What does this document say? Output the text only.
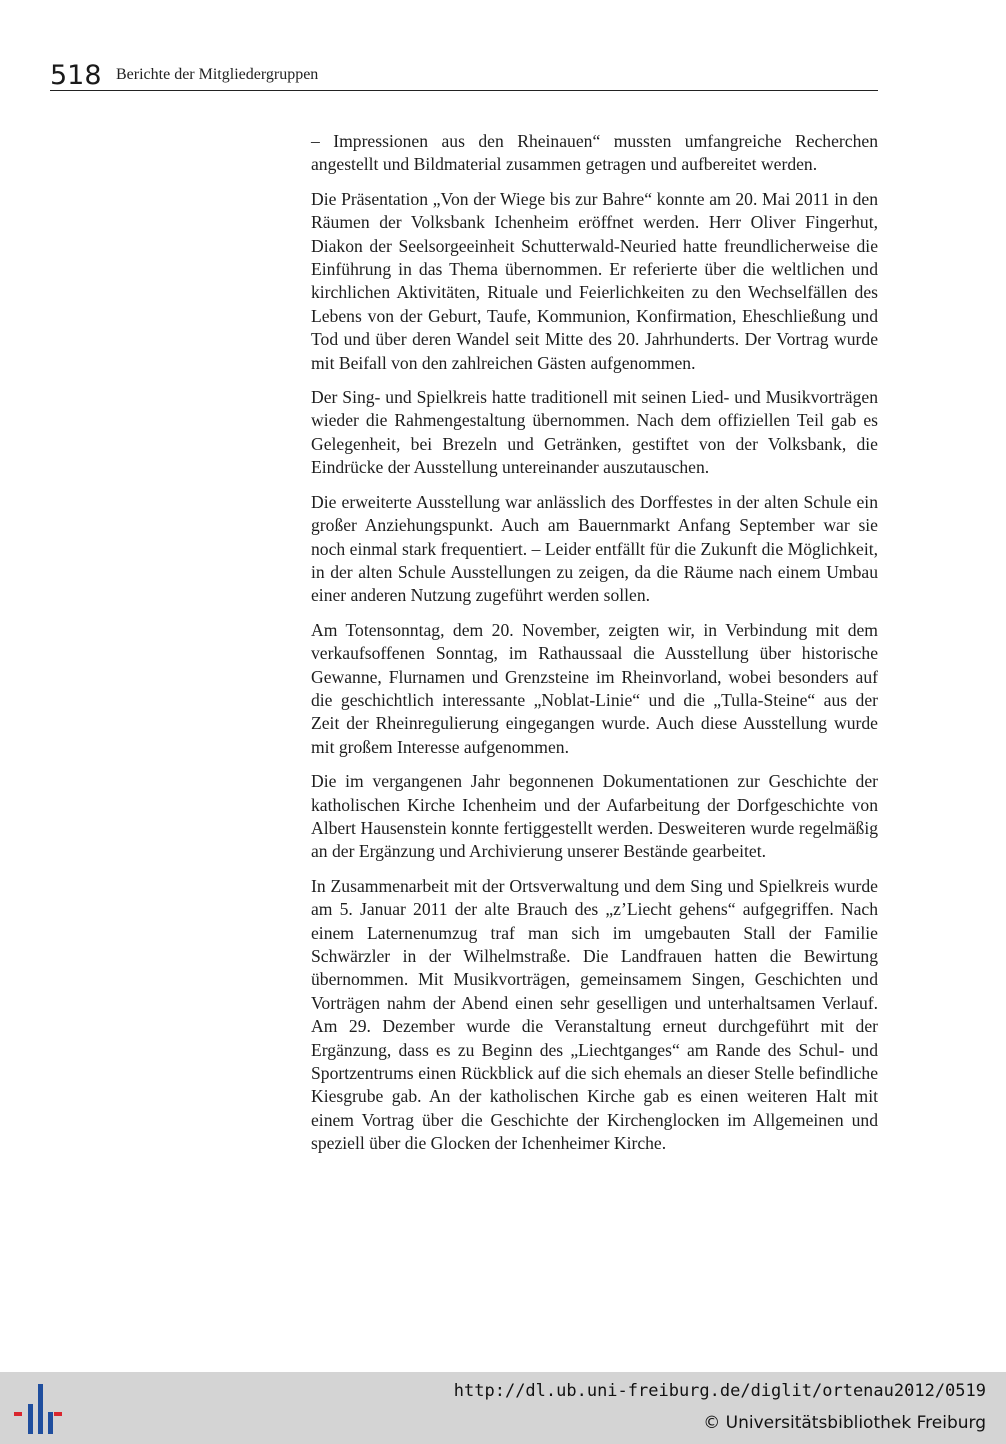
518 Berichte der Mitgliedergruppen

– Impressionen aus den Rheinauen“ mussten umfangreiche Recherchen angestellt und Bildmaterial zusammen getragen und aufbereitet werden.

Die Präsentation „Von der Wiege bis zur Bahre“ konnte am 20. Mai 2011 in den Räumen der Volksbank Ichenheim eröffnet werden. Herr Oliver Fingerhut, Diakon der Seelsorgeeinheit Schutterwald-Neuried hatte freundlicherweise die Einführung in das Thema übernommen. Er referierte über die weltlichen und kirchlichen Aktivitäten, Rituale und Feierlichkeiten zu den Wechselfällen des Lebens von der Geburt, Taufe, Kommunion, Konfirmation, Eheschließung und Tod und über deren Wandel seit Mitte des 20. Jahrhunderts. Der Vortrag wurde mit Beifall von den zahlreichen Gästen aufgenommen.

Der Sing- und Spielkreis hatte traditionell mit seinen Lied- und Musikvorträgen wieder die Rahmengestaltung übernommen. Nach dem offiziellen Teil gab es Gelegenheit, bei Brezeln und Getränken, gestiftet von der Volksbank, die Eindrücke der Ausstellung untereinander auszutauschen.

Die erweiterte Ausstellung war anlässlich des Dorffestes in der alten Schule ein großer Anziehungspunkt. Auch am Bauernmarkt Anfang September war sie noch einmal stark frequentiert. – Leider entfällt für die Zukunft die Möglichkeit, in der alten Schule Ausstellungen zu zeigen, da die Räume nach einem Umbau einer anderen Nutzung zugeführt werden sollen.

Am Totensonntag, dem 20. November, zeigten wir, in Verbindung mit dem verkaufsoffenen Sonntag, im Rathaussaal die Ausstellung über historische Gewanne, Flurnamen und Grenzsteine im Rheinvorland, wobei besonders auf die geschichtlich interessante „Noblat-Linie“ und die „Tulla-Steine“ aus der Zeit der Rheinregulierung eingegangen wurde. Auch diese Ausstellung wurde mit großem Interesse aufgenommen.

Die im vergangenen Jahr begonnenen Dokumentationen zur Geschichte der katholischen Kirche Ichenheim und der Aufarbeitung der Dorfgeschichte von Albert Hausenstein konnte fertiggestellt werden. Desweiteren wurde regelmäßig an der Ergänzung und Archivierung unserer Bestände gearbeitet.

In Zusammenarbeit mit der Ortsverwaltung und dem Sing und Spielkreis wurde am 5. Januar 2011 der alte Brauch des „z’Liecht gehens“ aufgegriffen. Nach einem Laternenumzug traf man sich im umgebauten Stall der Familie Schwärzler in der Wilhelmstraße. Die Landfrauen hatten die Bewirtung übernommen. Mit Musikvorträgen, gemeinsamem Singen, Geschichten und Vorträgen nahm der Abend einen sehr geselligen und unterhaltsamen Verlauf. Am 29. Dezember wurde die Veranstaltung erneut durchgeführt mit der Ergänzung, dass es zu Beginn des „Liechtganges“ am Rande des Schul- und Sportzentrums einen Rückblick auf die sich ehemals an dieser Stelle befindliche Kiesgrube gab. An der katholischen Kirche gab es einen weiteren Halt mit einem Vortrag über die Geschichte der Kirchenglocken im Allgemeinen und speziell über die Glocken der Ichenheimer Kirche.

http://dl.ub.uni-freiburg.de/diglit/ortenau2012/0519
© Universitätsbibliothek Freiburg
